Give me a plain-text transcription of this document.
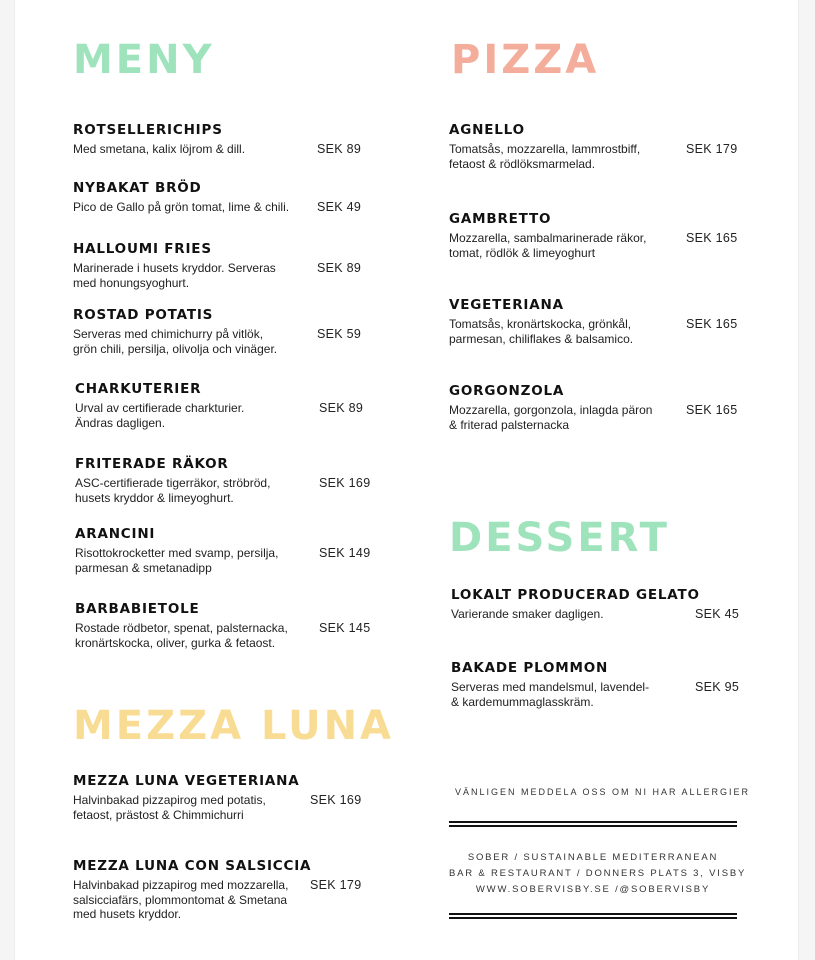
MENY
ROTSELLERICHIPS
Med smetana, kalix löjrom & dill.	SEK 89
NYBAKAT BRÖD
Pico de Gallo på grön tomat, lime & chili.	SEK 49
HALLOUMI FRIES
Marinerade i husets kryddor. Serveras
med honungsyoghurt.
SEK 89
ROSTAD POTATIS
Serveras med chimichurry på vitlök,
grön chili, persilja, olivolja och vinäger.
SEK 59
CHARKUTERIER
Urval av certifierade charkturier.
Ändras dagligen.
SEK 89
FRITERADE RÄKOR
ASC-certifierade tigerräkor, ströbröd,
husets kryddor & limeyoghurt.
SEK 169
ARANCINI
Risottokrocketter med svamp, persilja,
parmesan & smetanadipp
SEK 149
BARBABIETOLE
Rostade rödbetor, spenat, palsternacka,
kronärtskocka, oliver, gurka & fetaost.
SEK 145
MEZZA LUNA
MEZZA LUNA VEGETERIANA
Halvinbakad pizzapirog med potatis,
fetaost, prästost & Chimmichurri
SEK 169
MEZZA LUNA CON SALSICCIA
Halvinbakad pizzapirog med mozzarella,
salsicciafärs, plommontomat & Smetana
med husets kryddor.
SEK 179
PIZZA
AGNELLO
Tomatsås, mozzarella, lammrostbiff,
fetaost & rödlöksmarmelad.
SEK 179
GAMBRETTO
Mozzarella, sambalmarinerade räkor,
tomat, rödlök & limeyoghurt
SEK 165
VEGETERIANA
Tomatsås, kronärtskocka, grönkål,
parmesan, chiliflakes & balsamico.
SEK 165
GORGONZOLA
Mozzarella, gorgonzola, inlagda päron
& friterad palsternacka
SEK 165
DESSERT
LOKALT PRODUCERAD GELATO
Varierande smaker dagligen.	SEK 45
BAKADE PLOMMON
Serveras med mandelsmul, lavendel-
& kardemummaglasskräm.
SEK 95
VÄNLIGEN MEDDELA OSS OM NI HAR ALLERGIER
SOBER / SUSTAINABLE MEDITERRANEAN
BAR & RESTAURANT / DONNERS PLATS 3, VISBY
WWW.SOBERVISBY.SE /@SOBERVISBY
